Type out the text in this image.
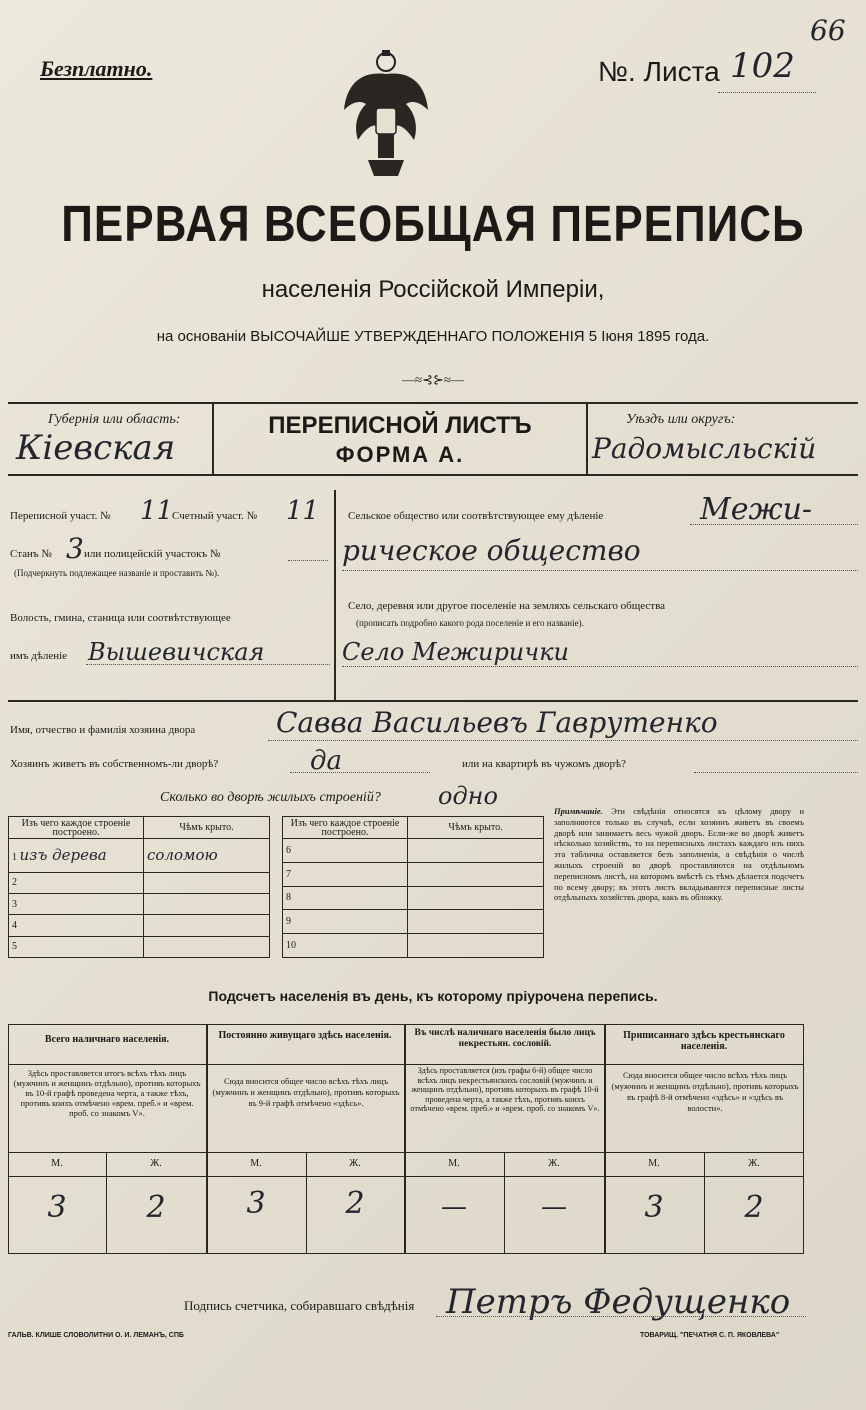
Безплатно.	№. Листа 102
66
ПЕРВАЯ ВСЕОБЩАЯ ПЕРЕПИСЬ
населенія Россійской Имперіи,
на основаніи ВЫСОЧАЙШЕ УТВЕРЖДЕННАГО ПОЛОЖЕНІЯ 5 Іюня 1895 года.
—≈⊰⊱≈—
Губернія или область:
Кіевская
ПЕРЕПИСНОЙ ЛИСТЪ
ФОРМА А.
Уѣздъ или округъ:
Радомысльскій
Переписной участ. № 11
Счетный участ. № 11
Станъ № 3 или полицейскій участокъ №
(Подчеркнуть подлежащее названіе и проставить №).
Волость, гмина, станица или соотвѣтствующее
имъ дѣленіе Вышевичская
Сельское общество или соотвѣтствующее ему дѣленіе	Межи-
рическое общество
Село, деревня или другое поселеніе на земляхъ сельскаго общества
(прописать подробно какого рода поселеніе и его названіе).
Село Межирички
Имя, отчество и фамилія хозяина двора	Савва Васильевъ Гаврутенко
Хозяинъ живетъ въ собственномъ-ли дворѣ?	да	или на квартирѣ въ чужомъ дворѣ?
Сколько во дворѣ жилыхъ строеній? одно
Изъ чего каждое строеніе построено.	Чѣмъ крыто.
1 изъ дерева	соломою
2	
3	
4	
5	
Изъ чего каждое строеніе построено.	Чѣмъ крыто.
6	
7	
8	
9	
10	
Примѣчаніе. Эти свѣдѣнія относятся къ цѣлому двору и заполняются только въ случаѣ, если хозяинъ живетъ въ своемъ дворѣ или занимаетъ весь чужой дворъ. Если-же во дворѣ живетъ нѣсколько хозяйствъ, то на переписныхъ листахъ каждаго изъ нихъ эта табличка оставляется безъ заполненія, а свѣдѣнія о числѣ жилыхъ строеній во дворѣ проставляются на отдѣльномъ переписномъ листѣ, на которомъ вмѣстѣ съ тѣмъ дѣлается подсчетъ по всему двору; въ этотъ листъ вкладываются переписные листы отдѣльныхъ хозяйствъ двора, какъ въ обложку.
Подсчетъ населенія въ день, къ которому пріурочена перепись.
Всего наличнаго населенія.
Здѣсь проставляется итогъ всѣхъ тѣхъ лицъ (мужчинъ и женщинъ отдѣльно), противъ которыхъ въ 10-й графѣ проведена черта, а также тѣхъ, противъ коихъ отмѣчено «врем. преб.» и «врем. проб. со знакомъ V».
М.	Ж.
3	2
Постоянно живущаго здѣсь населенія.
Сюда вносится общее число всѣхъ тѣхъ лицъ (мужчинъ и женщинъ отдѣльно), противъ которыхъ въ 9-й графѣ отмѣчено «здѣсь».
М.	Ж.
3	2
Въ числѣ наличнаго населенія было лицъ некрестьян. сословій.
Здѣсь проставляется (изъ графы 6-й) общее число всѣхъ лицъ некрестьянскихъ сословій (мужчинъ и женщинъ отдѣльно), противъ которыхъ въ графѣ 10-й проведена черта, а также тѣхъ, противъ коихъ отмѣчено «врем. преб.» и «врем. проб. со знакомъ V».
М.	Ж.
—	—
Приписаннаго здѣсь крестьянскаго населенія.
Сюда вносится общее число всѣхъ тѣхъ лицъ (мужчинъ и женщинъ отдѣльно), противъ которыхъ въ графѣ 8-й отмѣчено «здѣсь» и «здѣсь въ волости».
М.	Ж.
3	2
Подпись счетчика, собиравшаго свѣдѣнія Петръ Федущенко
ГАЛЬВ. КЛИШЕ СЛОВОЛИТНИ О. И. ЛЕМАНЪ, СПБ	ТОВАРИЩ. "ПЕЧАТНЯ С. П. ЯКОВЛЕВА"
